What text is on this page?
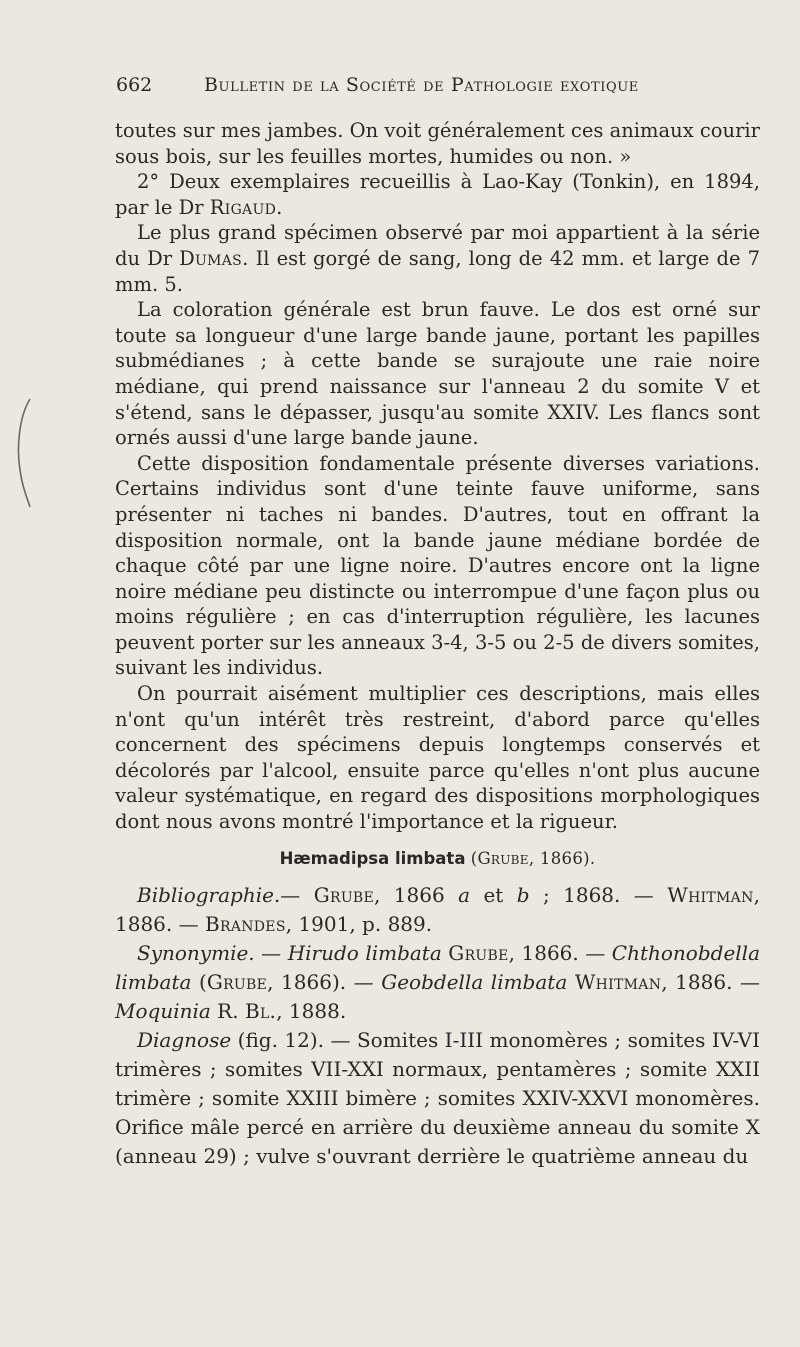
662	Bulletin de la Société de Pathologie exotique

toutes sur mes jambes. On voit généralement ces animaux courir sous bois, sur les feuilles mortes, humides ou non. »

2° Deux exemplaires recueillis à Lao-Kay (Tonkin), en 1894, par le Dr Rigaud.

Le plus grand spécimen observé par moi appartient à la série du Dr Dumas. Il est gorgé de sang, long de 42 mm. et large de 7 mm. 5.

La coloration générale est brun fauve. Le dos est orné sur toute sa longueur d'une large bande jaune, portant les papilles submédianes ; à cette bande se surajoute une raie noire médiane, qui prend naissance sur l'anneau 2 du somite V et s'étend, sans le dépasser, jusqu'au somite XXIV. Les flancs sont ornés aussi d'une large bande jaune.

Cette disposition fondamentale présente diverses variations. Certains individus sont d'une teinte fauve uniforme, sans présenter ni taches ni bandes. D'autres, tout en offrant la disposition normale, ont la bande jaune médiane bordée de chaque côté par une ligne noire. D'autres encore ont la ligne noire médiane peu distincte ou interrompue d'une façon plus ou moins régulière ; en cas d'interruption régulière, les lacunes peuvent porter sur les anneaux 3-4, 3-5 ou 2-5 de divers somites, suivant les individus.

On pourrait aisément multiplier ces descriptions, mais elles n'ont qu'un intérêt très restreint, d'abord parce qu'elles concernent des spécimens depuis longtemps conservés et décolorés par l'alcool, ensuite parce qu'elles n'ont plus aucune valeur systématique, en regard des dispositions morphologiques dont nous avons montré l'importance et la rigueur.

Hæmadipsa limbata (Grube, 1866).

Bibliographie.— Grube, 1866 a et b ; 1868. — Whitman, 1886. — Brandes, 1901, p. 889.

Synonymie. — Hirudo limbata Grube, 1866. — Chthonobdella limbata (Grube, 1866). — Geobdella limbata Whitman, 1886. — Moquinia R. Bl., 1888.

Diagnose (fig. 12). — Somites I-III monomères ; somites IV-VI trimères ; somites VII-XXI normaux, pentamères ; somite XXII trimère ; somite XXIII bimère ; somites XXIV-XXVI monomères. Orifice mâle percé en arrière du deuxième anneau du somite X (anneau 29) ; vulve s'ouvrant derrière le quatrième anneau du
